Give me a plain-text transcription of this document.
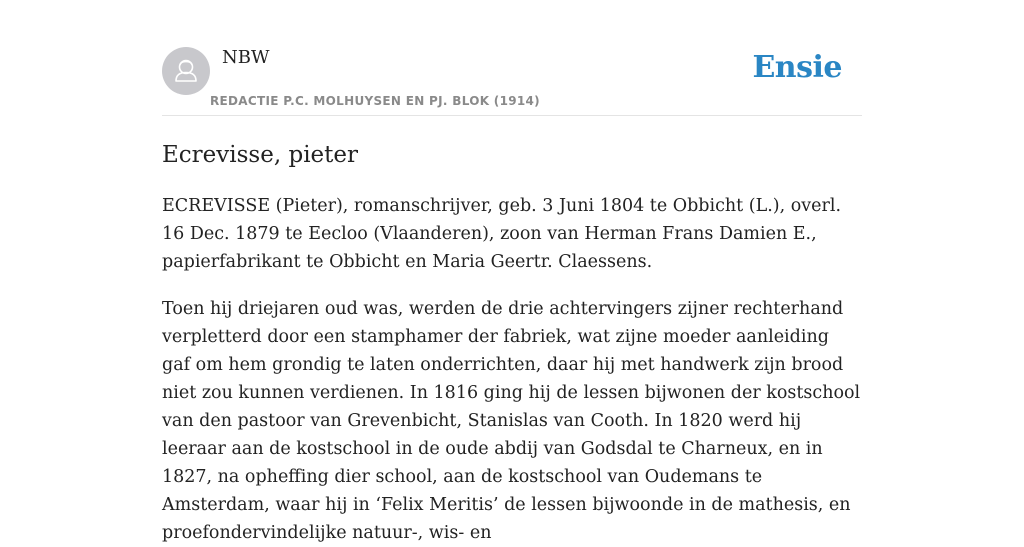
NBW
REDACTIE P.C. MOLHUYSEN EN PJ. BLOK (1914)
Ensie
Ecrevisse, pieter

ECREVISSE (Pieter), romanschrijver, geb. 3 Juni 1804 te Obbicht (L.), overl. 16 Dec. 1879 te Eecloo (Vlaanderen), zoon van Herman Frans Damien E., papierfabrikant te Obbicht en Maria Geertr. Claessens.

Toen hij driejaren oud was, werden de drie achtervingers zijner rechterhand verpletterd door een stamphamer der fabriek, wat zijne moeder aanleiding gaf om hem grondig te laten onderrichten, daar hij met handwerk zijn brood niet zou kunnen verdienen. In 1816 ging hij de lessen bijwonen der kostschool van den pastoor van Grevenbicht, Stanislas van Cooth. In 1820 werd hij leeraar aan de kostschool in de oude abdij van Godsdal te Charneux, en in 1827, na opheffing dier school, aan de kostschool van Oudemans te Amsterdam, waar hij in ‘Felix Meritis’ de lessen bijwoonde in de mathesis, en proefondervindelijke natuur-, wis- en
